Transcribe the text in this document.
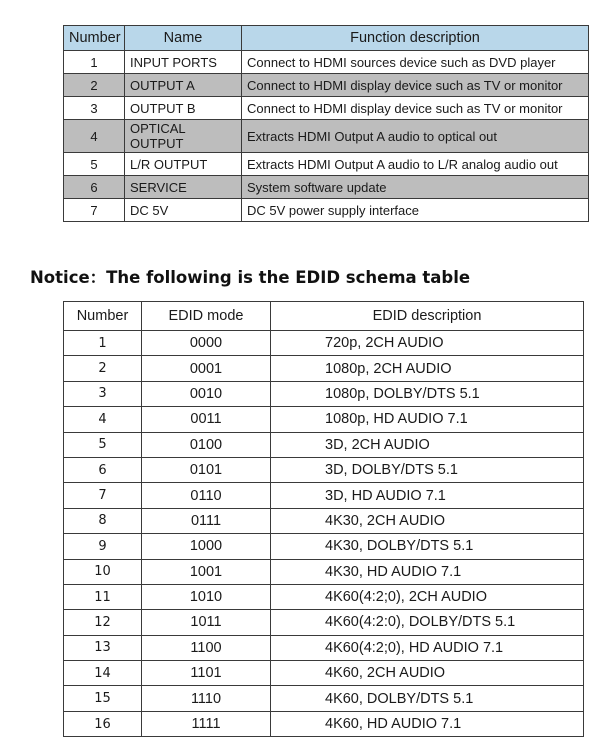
Number	Name	Function description
1	INPUT PORTS	Connect to HDMI sources device such as DVD player
2	OUTPUT A	Connect to HDMI display device such as TV or monitor
3	OUTPUT B	Connect to HDMI display device such as TV or monitor
4	OPTICAL OUTPUT	Extracts HDMI Output A audio to optical out
5	L/R OUTPUT	Extracts HDMI Output A audio to L/R analog audio out
6	SERVICE	System software update
7	DC 5V	DC 5V power supply interface

Notice：The following is the EDID schema table

Number	EDID mode	EDID description
1	0000	720p, 2CH AUDIO
2	0001	1080p, 2CH AUDIO
3	0010	1080p, DOLBY/DTS 5.1
4	0011	1080p, HD AUDIO 7.1
5	0100	3D, 2CH AUDIO
6	0101	3D, DOLBY/DTS 5.1
7	0110	3D, HD AUDIO 7.1
8	0111	4K30, 2CH AUDIO
9	1000	4K30, DOLBY/DTS 5.1
10	1001	4K30, HD AUDIO 7.1
11	1010	4K60(4:2;0), 2CH AUDIO
12	1011	4K60(4:2:0), DOLBY/DTS 5.1
13	1100	4K60(4:2;0), HD AUDIO 7.1
14	1101	4K60, 2CH AUDIO
15	1110	4K60, DOLBY/DTS 5.1
16	1111	4K60, HD AUDIO 7.1
